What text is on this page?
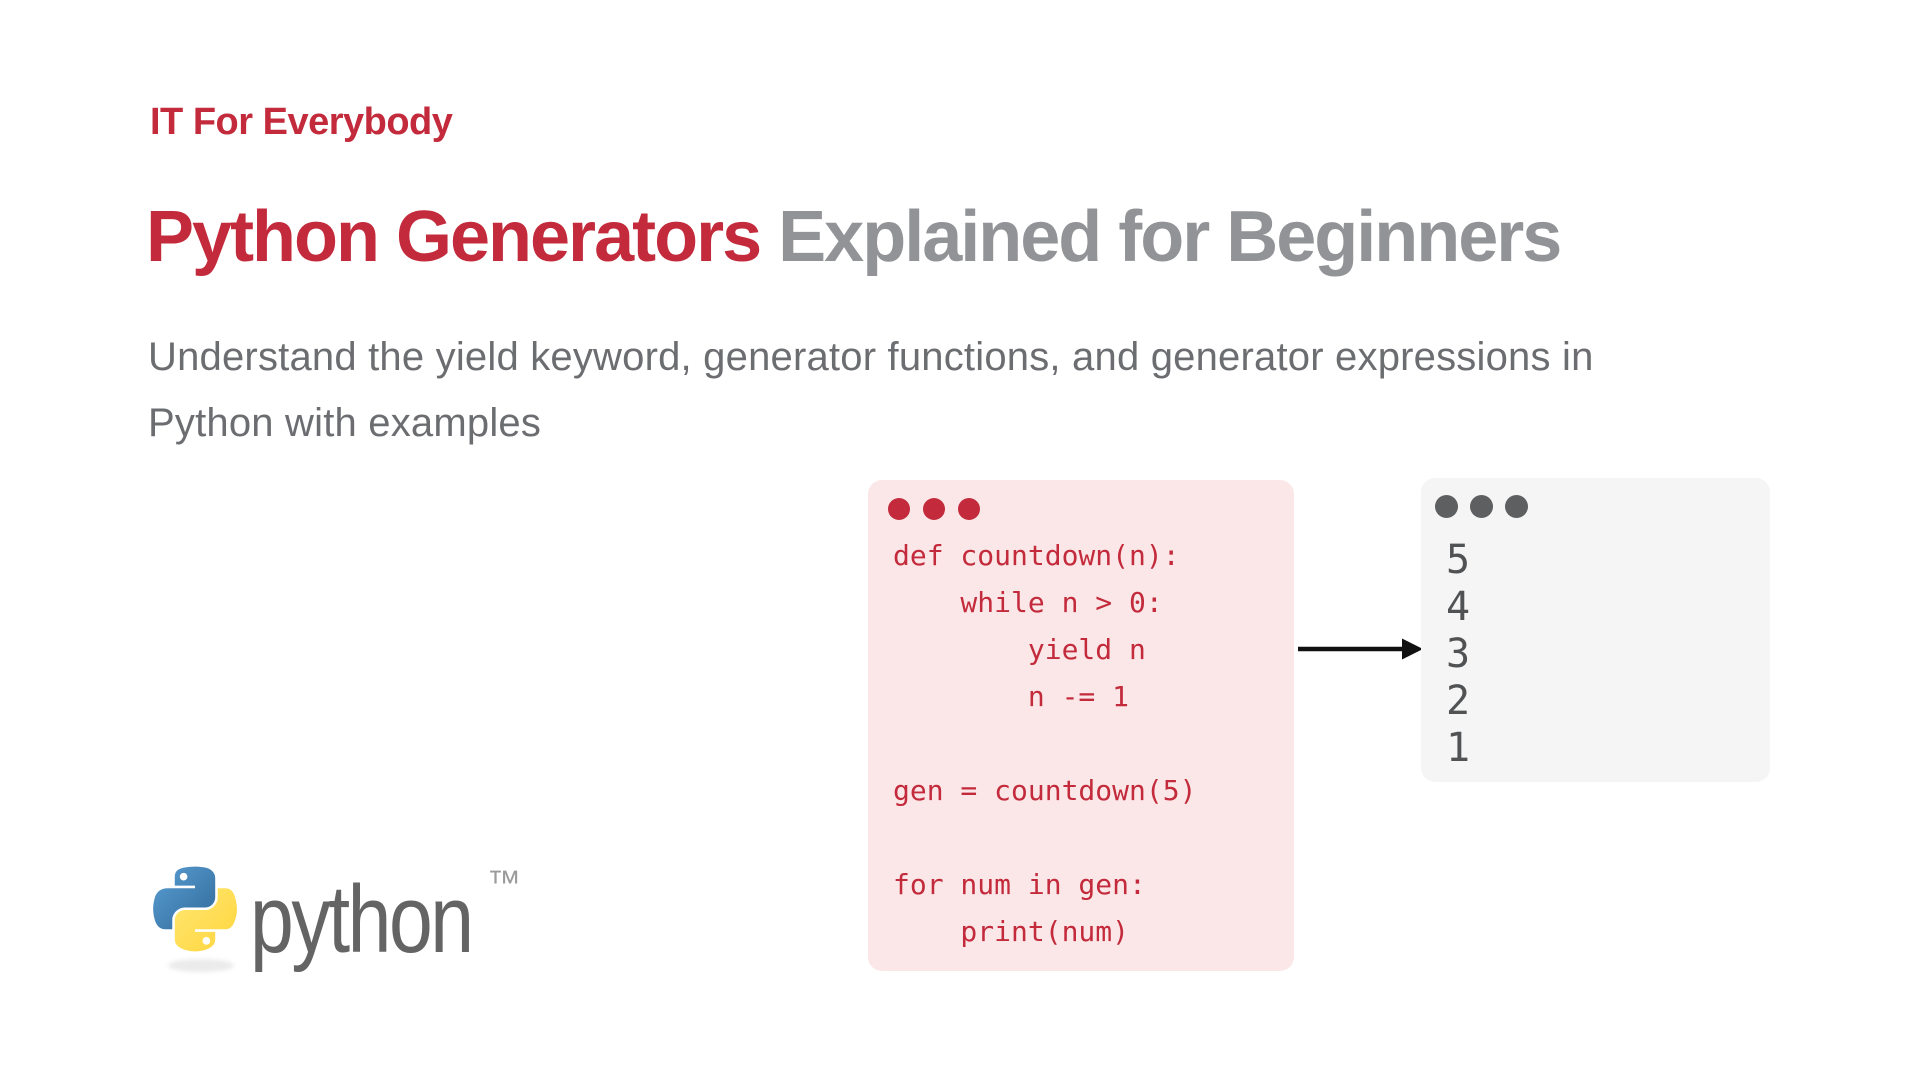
IT For Everybody
Python Generators Explained for Beginners

Understand the yield keyword, generator functions, and generator expressions in
Python with examples

def countdown(n):
while n > 0:
yield n
n -= 1
gen = countdown(5)
for num in gen:
print(num)
5
4
3
2
1
python ™
